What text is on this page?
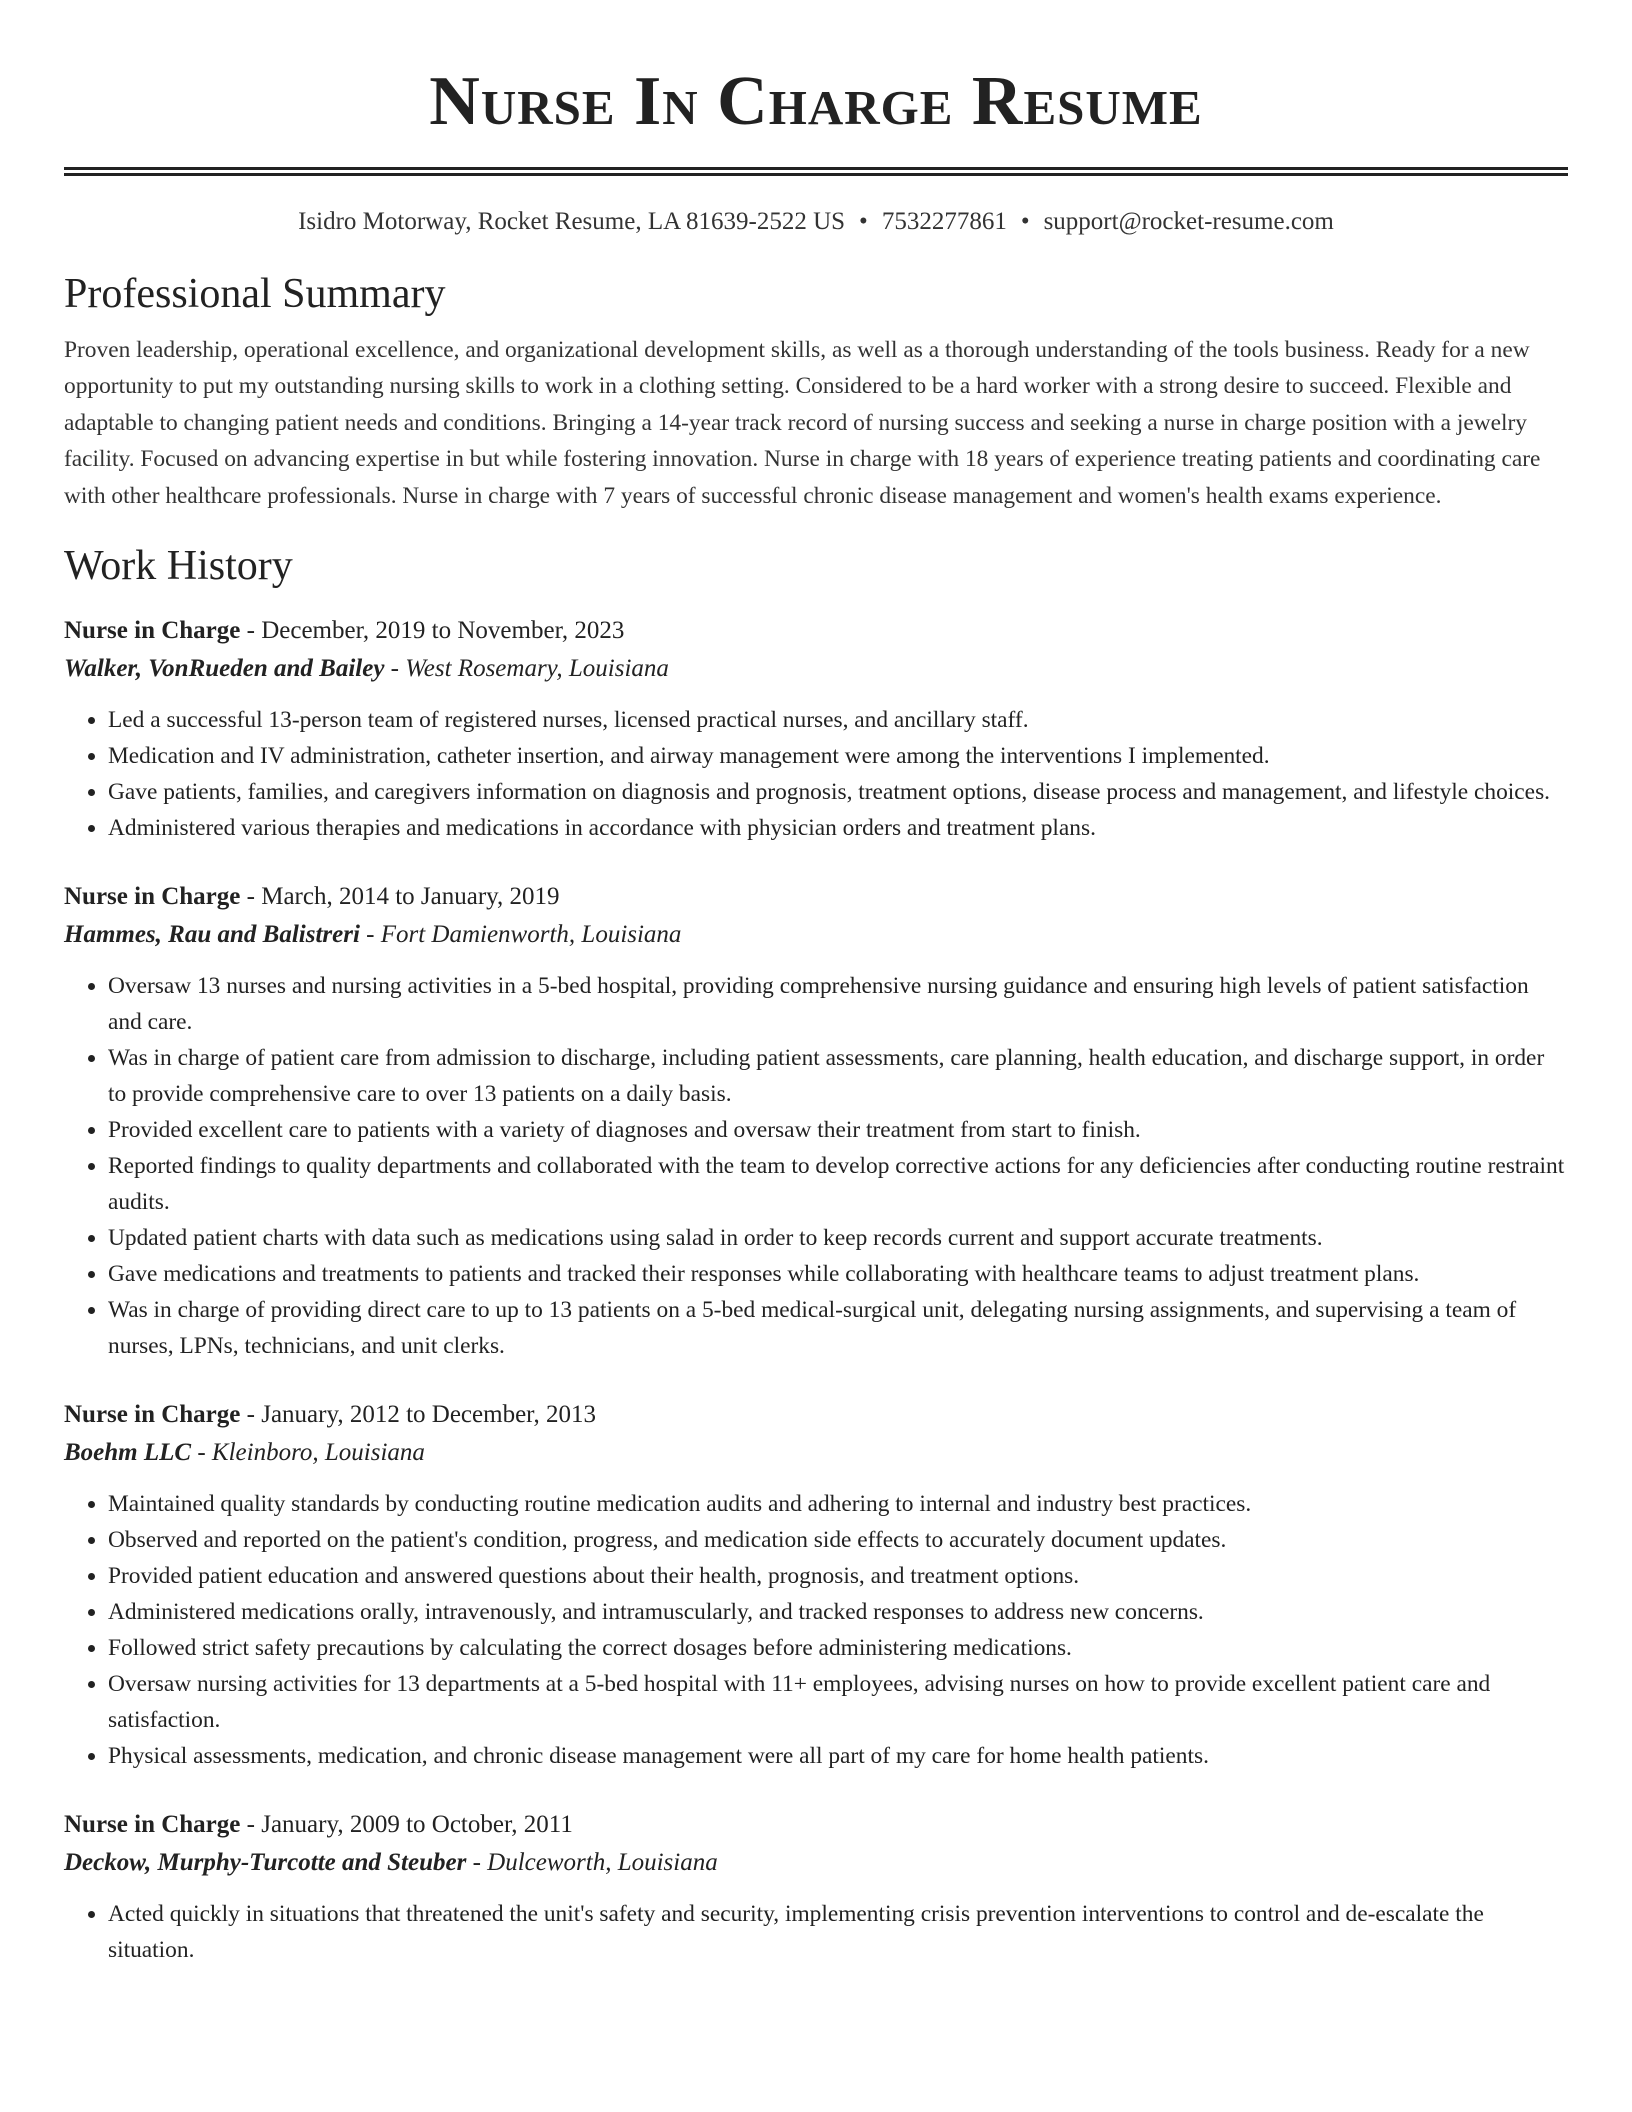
Nurse In Charge Resume
Isidro Motorway, Rocket Resume, LA 81639-2522 US • 7532277861 • support@rocket-resume.com
Professional Summary

Proven leadership, operational excellence, and organizational development skills, as well as a thorough understanding of the tools business. Ready for a new opportunity to put my outstanding nursing skills to work in a clothing setting. Considered to be a hard worker with a strong desire to succeed. Flexible and adaptable to changing patient needs and conditions. Bringing a 14-year track record of nursing success and seeking a nurse in charge position with a jewelry facility. Focused on advancing expertise in but while fostering innovation. Nurse in charge with 18 years of experience treating patients and coordinating care with other healthcare professionals. Nurse in charge with 7 years of successful chronic disease management and women's health exams experience.

Work History
Nurse in Charge - December, 2019 to November, 2023
Walker, VonRueden and Bailey - West Rosemary, Louisiana
• Led a successful 13-person team of registered nurses, licensed practical nurses, and ancillary staff.
• Medication and IV administration, catheter insertion, and airway management were among the interventions I implemented.
• Gave patients, families, and caregivers information on diagnosis and prognosis, treatment options, disease process and management, and lifestyle choices.
• Administered various therapies and medications in accordance with physician orders and treatment plans.
Nurse in Charge - March, 2014 to January, 2019
Hammes, Rau and Balistreri - Fort Damienworth, Louisiana
• Oversaw 13 nurses and nursing activities in a 5-bed hospital, providing comprehensive nursing guidance and ensuring high levels of patient satisfaction and care.
• Was in charge of patient care from admission to discharge, including patient assessments, care planning, health education, and discharge support, in order to provide comprehensive care to over 13 patients on a daily basis.
• Provided excellent care to patients with a variety of diagnoses and oversaw their treatment from start to finish.
• Reported findings to quality departments and collaborated with the team to develop corrective actions for any deficiencies after conducting routine restraint audits.
• Updated patient charts with data such as medications using salad in order to keep records current and support accurate treatments.
• Gave medications and treatments to patients and tracked their responses while collaborating with healthcare teams to adjust treatment plans.
• Was in charge of providing direct care to up to 13 patients on a 5-bed medical-surgical unit, delegating nursing assignments, and supervising a team of nurses, LPNs, technicians, and unit clerks.
Nurse in Charge - January, 2012 to December, 2013
Boehm LLC - Kleinboro, Louisiana
• Maintained quality standards by conducting routine medication audits and adhering to internal and industry best practices.
• Observed and reported on the patient's condition, progress, and medication side effects to accurately document updates.
• Provided patient education and answered questions about their health, prognosis, and treatment options.
• Administered medications orally, intravenously, and intramuscularly, and tracked responses to address new concerns.
• Followed strict safety precautions by calculating the correct dosages before administering medications.
• Oversaw nursing activities for 13 departments at a 5-bed hospital with 11+ employees, advising nurses on how to provide excellent patient care and satisfaction.
• Physical assessments, medication, and chronic disease management were all part of my care for home health patients.
Nurse in Charge - January, 2009 to October, 2011
Deckow, Murphy-Turcotte and Steuber - Dulceworth, Louisiana
• Acted quickly in situations that threatened the unit's safety and security, implementing crisis prevention interventions to control and de-escalate the situation.
